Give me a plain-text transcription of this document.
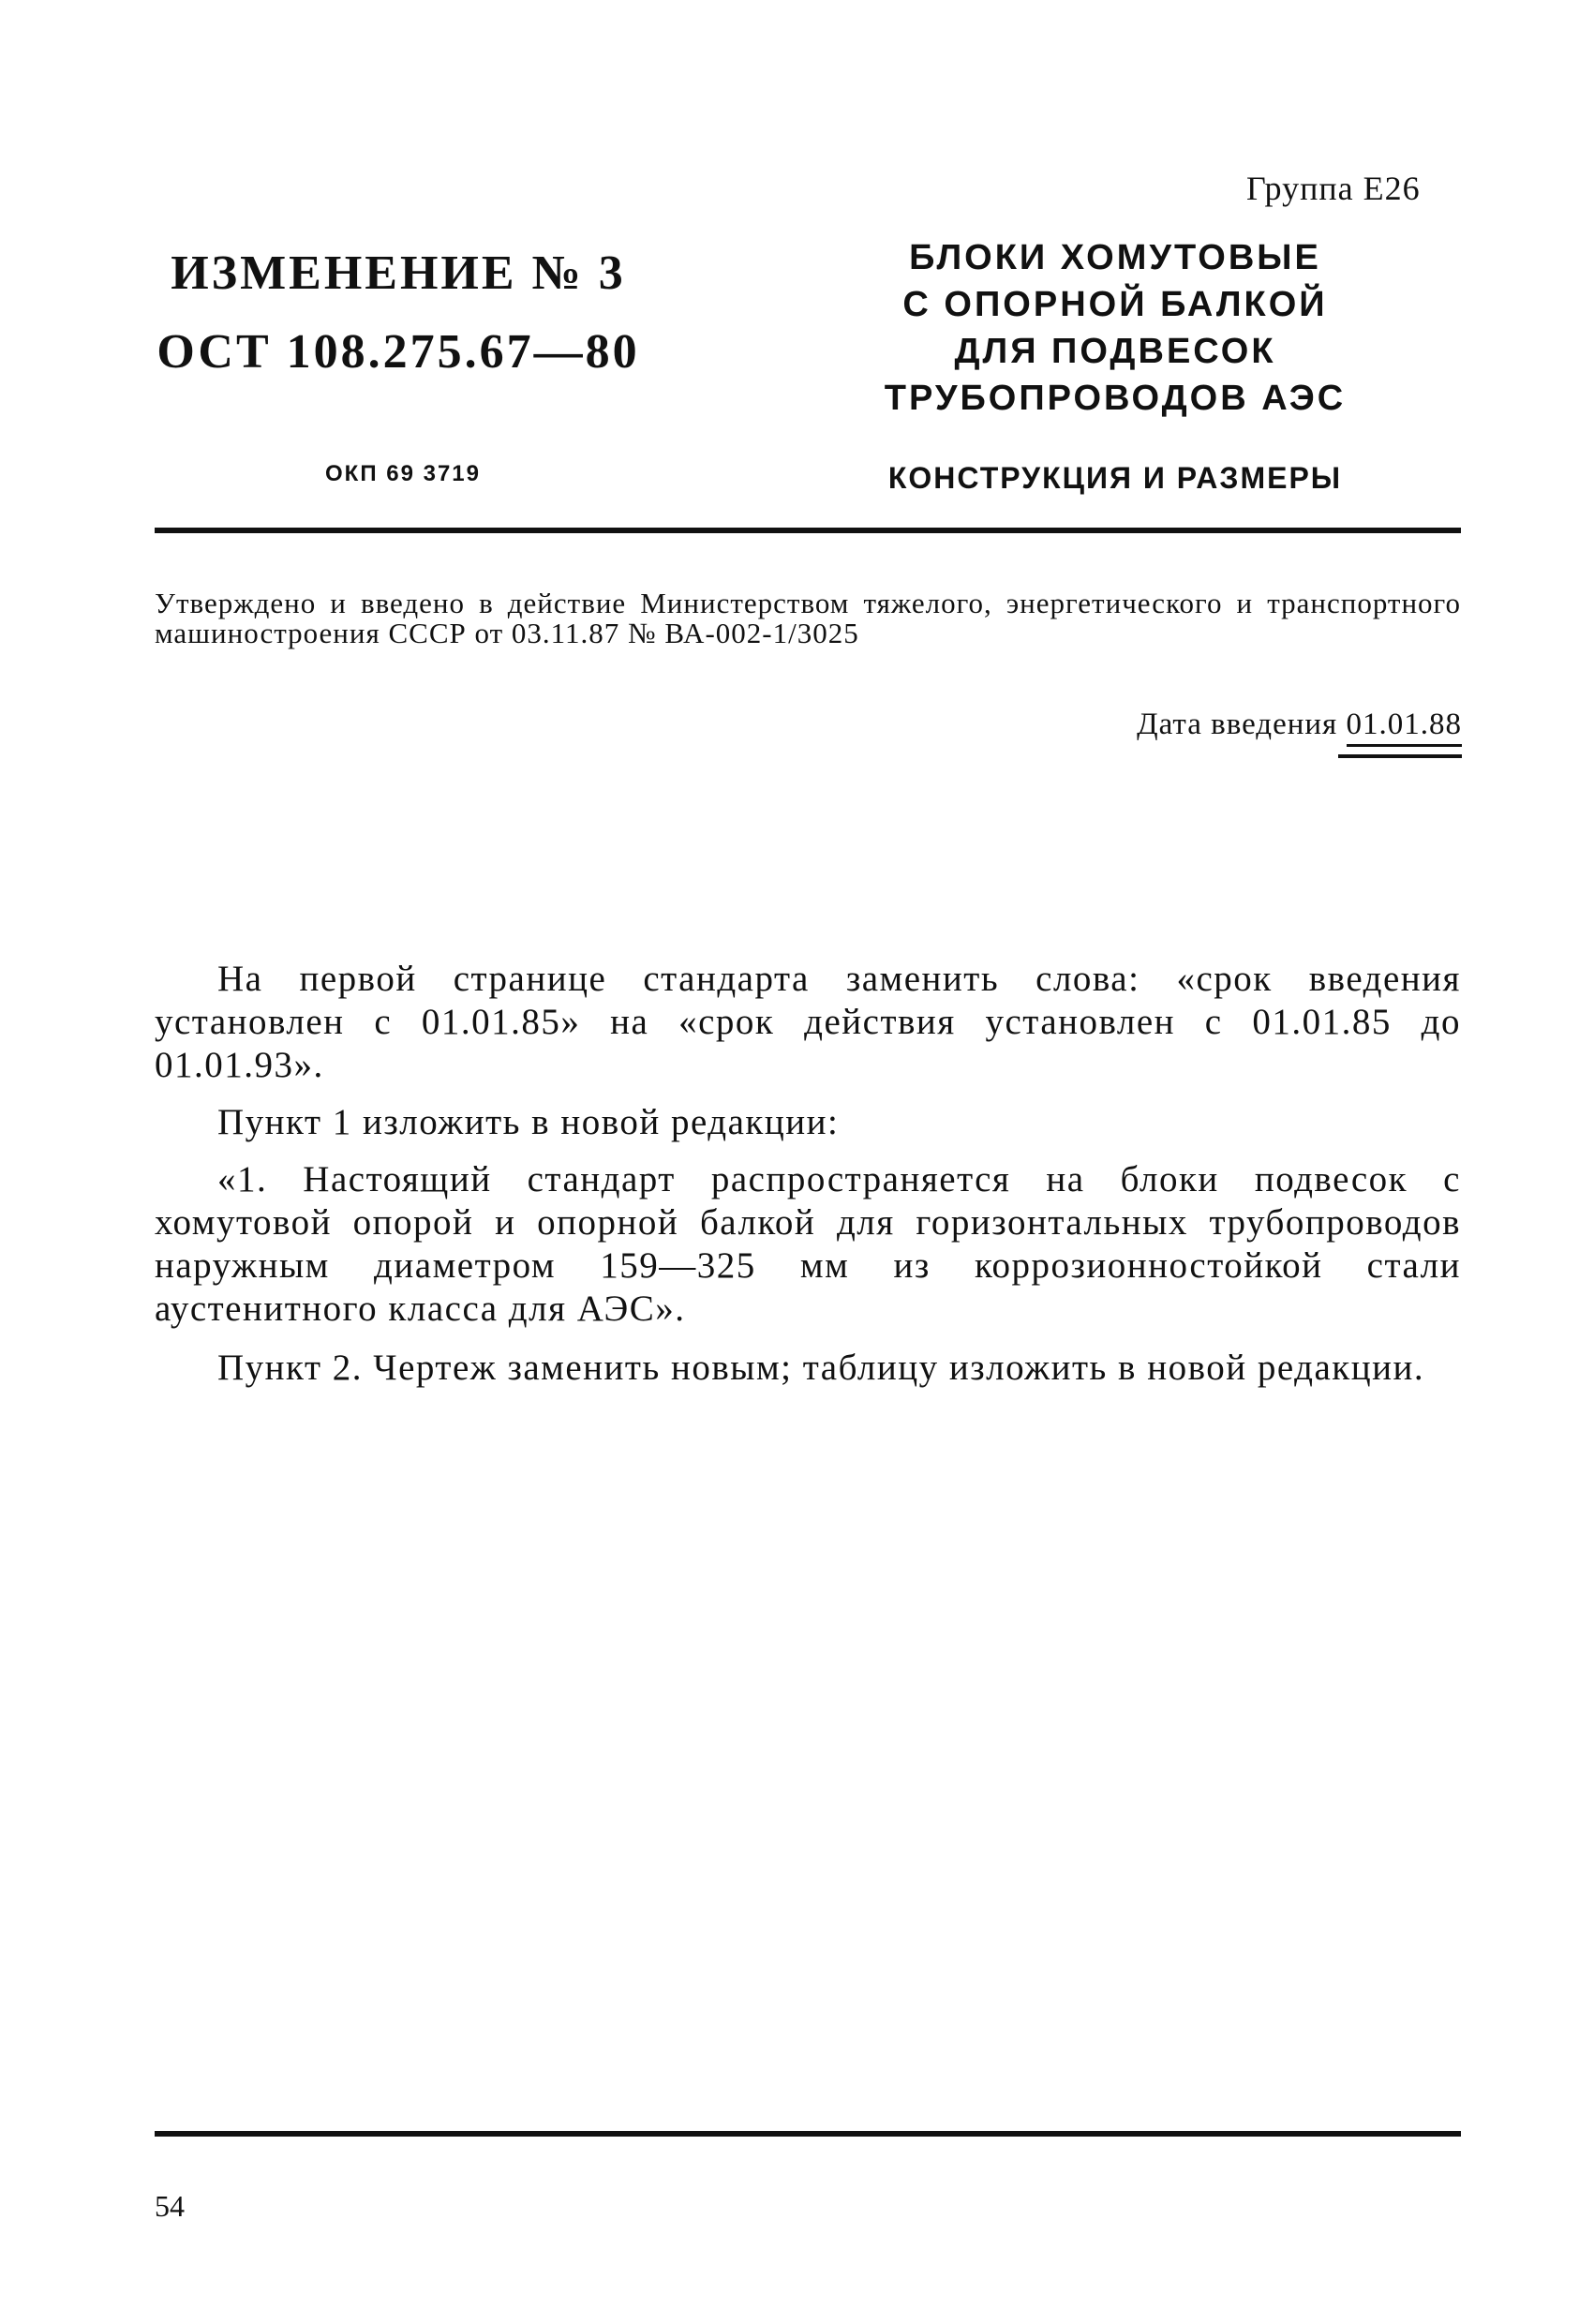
Группа Е26
ИЗМЕНЕНИЕ № 3
ОСТ 108.275.67—80
ОКП 69 3719
БЛОКИ ХОМУТОВЫЕ
С ОПОРНОЙ БАЛКОЙ
ДЛЯ ПОДВЕСОК
ТРУБОПРОВОДОВ АЭС
КОНСТРУКЦИЯ И РАЗМЕРЫ
Утверждено и введено в действие Министерством тяжелого, энергетического и транспортного машиностроения СССР от 03.11.87 № ВА-002-1/3025
Дата введения 01.01.88
На первой странице стандарта заменить слова: «срок введения установлен с 01.01.85» на «срок действия установлен с 01.01.85 до 01.01.93».
Пункт 1 изложить в новой редакции:
«1. Настоящий стандарт распространяется на блоки подвесок с хомутовой опорой и опорной балкой для горизонтальных трубопроводов наружным диаметром 159—325 мм из коррозионностойкой стали аустенитного класса для АЭС».
Пункт 2. Чертеж заменить новым; таблицу изложить в новой редакции.
54
